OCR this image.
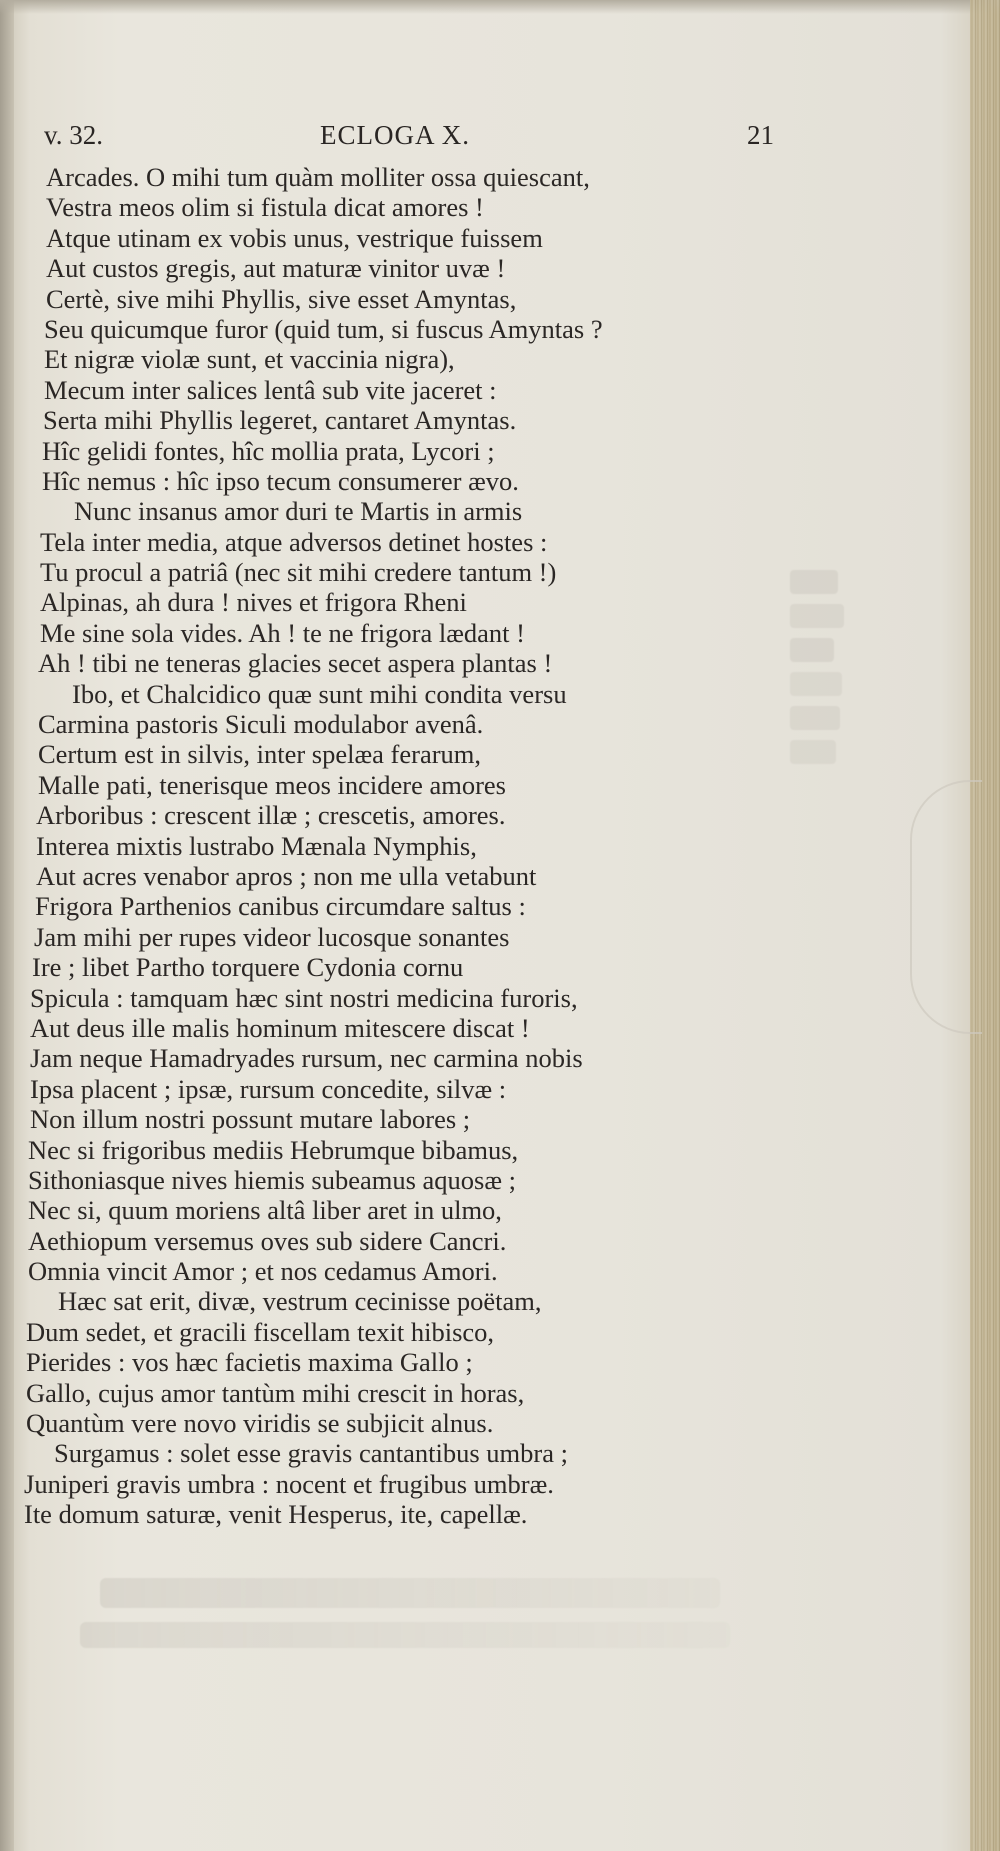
v. 32.	ECLOGA X.	21
Arcades. O mihi tum quàm molliter ossa quiescant,
Vestra meos olim si fistula dicat amores !
Atque utinam ex vobis unus, vestrique fuissem
Aut custos gregis, aut maturæ vinitor uvæ !
Certè, sive mihi Phyllis, sive esset Amyntas,
Seu quicumque furor (quid tum, si fuscus Amyntas ?
Et nigræ violæ sunt, et vaccinia nigra),
Mecum inter salices lentâ sub vite jaceret :
Serta mihi Phyllis legeret, cantaret Amyntas.
Hîc gelidi fontes, hîc mollia prata, Lycori ;
Hîc nemus : hîc ipso tecum consumerer ævo.
Nunc insanus amor duri te Martis in armis
Tela inter media, atque adversos detinet hostes :
Tu procul a patriâ (nec sit mihi credere tantum !)
Alpinas, ah dura ! nives et frigora Rheni
Me sine sola vides. Ah ! te ne frigora lædant !
Ah ! tibi ne teneras glacies secet aspera plantas !
Ibo, et Chalcidico quæ sunt mihi condita versu
Carmina pastoris Siculi modulabor avenâ.
Certum est in silvis, inter spelæa ferarum,
Malle pati, tenerisque meos incidere amores
Arboribus : crescent illæ ; crescetis, amores.
Interea mixtis lustrabo Mænala Nymphis,
Aut acres venabor apros ; non me ulla vetabunt
Frigora Parthenios canibus circumdare saltus :
Jam mihi per rupes videor lucosque sonantes
Ire ; libet Partho torquere Cydonia cornu
Spicula : tamquam hæc sint nostri medicina furoris,
Aut deus ille malis hominum mitescere discat !
Jam neque Hamadryades rursum, nec carmina nobis
Ipsa placent ; ipsæ, rursum concedite, silvæ :
Non illum nostri possunt mutare labores ;
Nec si frigoribus mediis Hebrumque bibamus,
Sithoniasque nives hiemis subeamus aquosæ ;
Nec si, quum moriens altâ liber aret in ulmo,
Aethiopum versemus oves sub sidere Cancri.
Omnia vincit Amor ; et nos cedamus Amori.
Hæc sat erit, divæ, vestrum cecinisse poëtam,
Dum sedet, et gracili fiscellam texit hibisco,
Pierides : vos hæc facietis maxima Gallo ;
Gallo, cujus amor tantùm mihi crescit in horas,
Quantùm vere novo viridis se subjicit alnus.
Surgamus : solet esse gravis cantantibus umbra ;
Juniperi gravis umbra : nocent et frugibus umbræ.
Ite domum saturæ, venit Hesperus, ite, capellæ.
